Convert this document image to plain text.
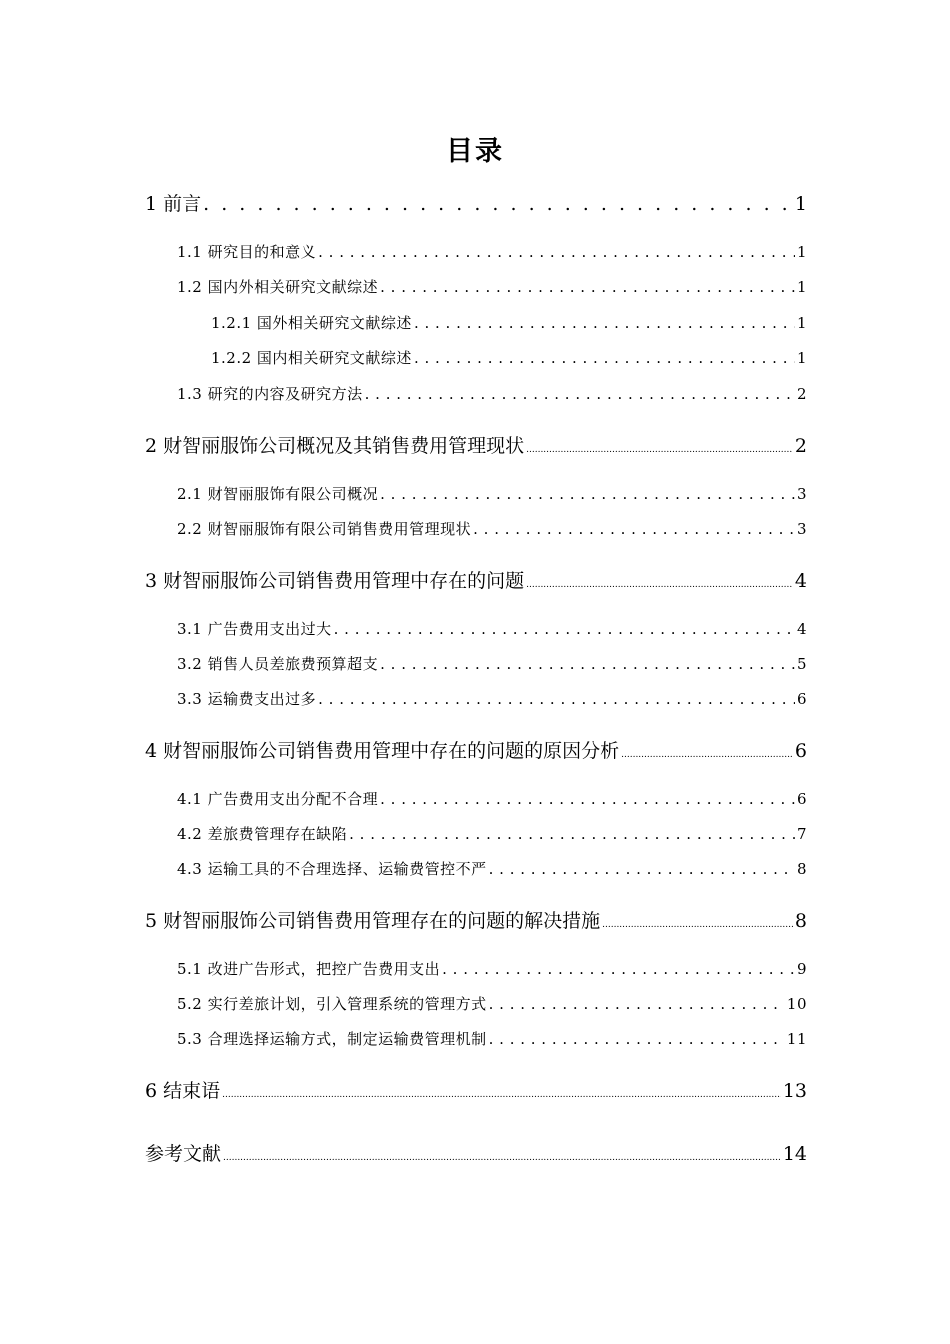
目录
1 前言 . . .	1
1.1 研究目的和意义 . . .	1
1.2 国内外相关研究文献综述 . . .	1
1.2.1 国外相关研究文献综述 . . .	1
1.2.2 国内相关研究文献综述 . . .	1
1.3 研究的内容及研究方法 . . .	2
2 财智丽服饰公司概况及其销售费用管理现状 .....	2
2.1 财智丽服饰有限公司概况 . . .	3
2.2 财智丽服饰有限公司销售费用管理现状 . . .	3
3 财智丽服饰公司销售费用管理中存在的问题 .....	4
3.1 广告费用支出过大 . . .	4
3.2 销售人员差旅费预算超支 . . .	5
3.3 运输费支出过多 . . .	6
4 财智丽服饰公司销售费用管理中存在的问题的原因分析 .....	6
4.1 广告费用支出分配不合理 . . .	6
4.2 差旅费管理存在缺陷 . . .	7
4.3 运输工具的不合理选择、运输费管控不严 . . .	8
5 财智丽服饰公司销售费用管理存在的问题的解决措施 .....	8
5.1 改进广告形式，把控广告费用支出 . . .	9
5.2 实行差旅计划，引入管理系统的管理方式 . . .	10
5.3 合理选择运输方式，制定运输费管理机制 . . .	11
6 结束语 .....	13
参考文献 .....	14
